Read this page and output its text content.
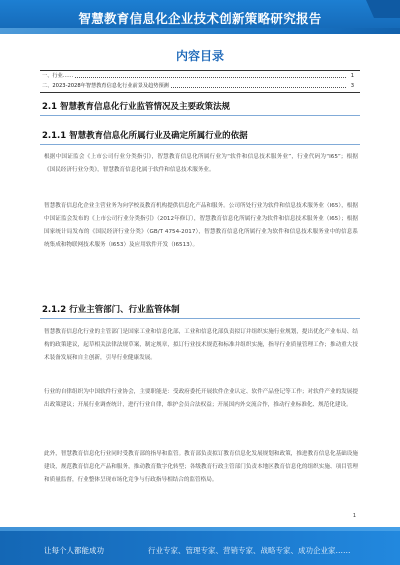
智慧教育信息化企业技术创新策略研究报告
内容目录
一、行业……	1
二、2023-2028年智慧教育信息化行业前景及趋势预测	3
2.1 智慧教育信息化行业监管情况及主要政策法规
2.1.1 智慧教育信息化所属行业及确定所属行业的依据
根据中国证监会《上市公司行业分类指引》，智慧教育信息化所属行业为“软件和信息技术服务业”，行业代码为“I65”；根据《国民经济行业分类》，智慧教育信息化属于软件和信息技术服务业。
智慧教育信息化企业主营业务为向学校及教育机构提供信息化产品和服务。公司所处行业为软件和信息技术服务业（I65），根据中国证监会发布的《上市公司行业分类指引》（2012年修订），智慧教育信息化所属行业为软件和信息技术服务业（I65）；根据国家统计局发布的《国民经济行业分类》（GB/T 4754-2017），智慧教育信息化所属行业为软件和信息技术服务业中的信息系统集成和物联网技术服务（I653）及应用软件开发（I6513）。
2.1.2 行业主管部门、行业监管体制
智慧教育信息化行业的主管部门是国家工业和信息化部，工业和信息化部负责拟订并组织实施行业规划，提出优化产业布局、结构的政策建议，起草相关法律法规草案，制定规章，拟订行业技术规范和标准并组织实施，指导行业质量管理工作；推动重大技术装备发展和自主创新，引导行业健康发展。
行业的自律组织为中国软件行业协会，主要职能是：受政府委托开展软件企业认定、软件产品登记等工作；对软件产业的发展提出政策建议；开展行业调查统计，进行行业自律，维护会员合法权益；开展国内外交流合作，推动行业标准化、规范化建设。
此外，智慧教育信息化行业同时受教育部的指导和监管。教育部负责拟订教育信息化发展规划和政策，推进教育信息化基础设施建设，规范教育信息化产品和服务，推动教育数字化转型；各级教育行政主管部门负责本地区教育信息化的组织实施、项目管理和质量监督，行业整体呈现市场化竞争与行政指导相结合的监管格局。
1
让每个人都能成功	行业专家、管理专家、营销专家、战略专家、成功企业家……
